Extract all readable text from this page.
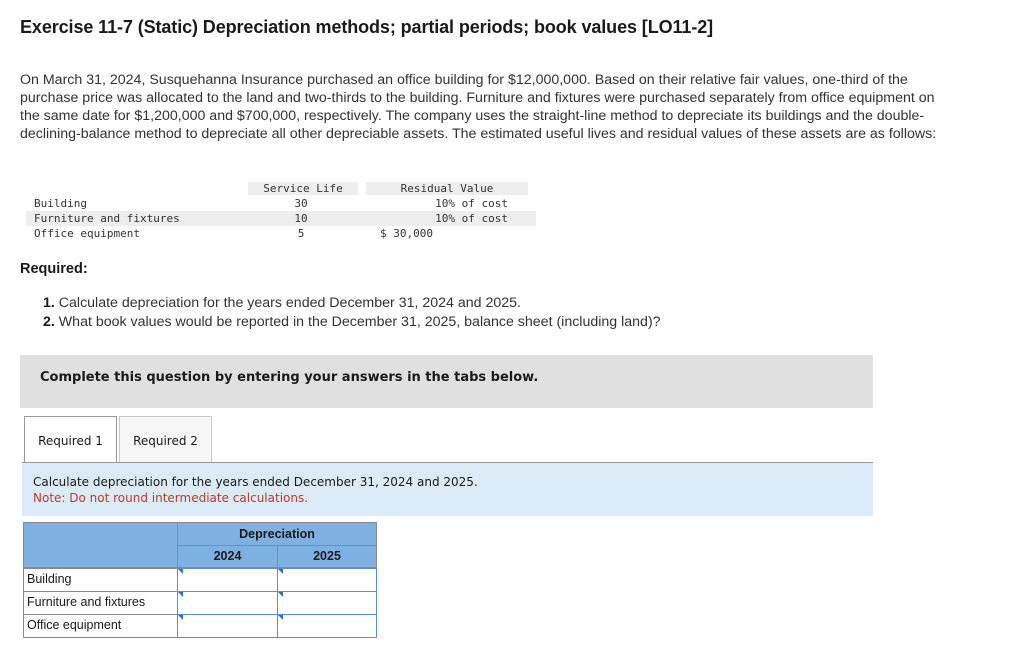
Exercise 11-7 (Static) Depreciation methods; partial periods; book values [LO11-2]
On March 31, 2024, Susquehanna Insurance purchased an office building for $12,000,000. Based on their relative fair values, one-third of the purchase price was allocated to the land and two-thirds to the building. Furniture and fixtures were purchased separately from office equipment on the same date for $1,200,000 and $700,000, respectively. The company uses the straight-line method to depreciate its buildings and the double-declining-balance method to depreciate all other depreciable assets. The estimated useful lives and residual values of these assets are as follows:
Service Life	Residual Value
Building	30	10% of cost
Furniture and fixtures	10	10% of cost
Office equipment	5	$ 30,000
Required:
1. Calculate depreciation for the years ended December 31, 2024 and 2025.
2. What book values would be reported in the December 31, 2025, balance sheet (including land)?
Complete this question by entering your answers in the tabs below.
Required 1	Required 2
Calculate depreciation for the years ended December 31, 2024 and 2025.
Note: Do not round intermediate calculations.
Depreciation
2024	2025
Building
Furniture and fixtures
Office equipment
